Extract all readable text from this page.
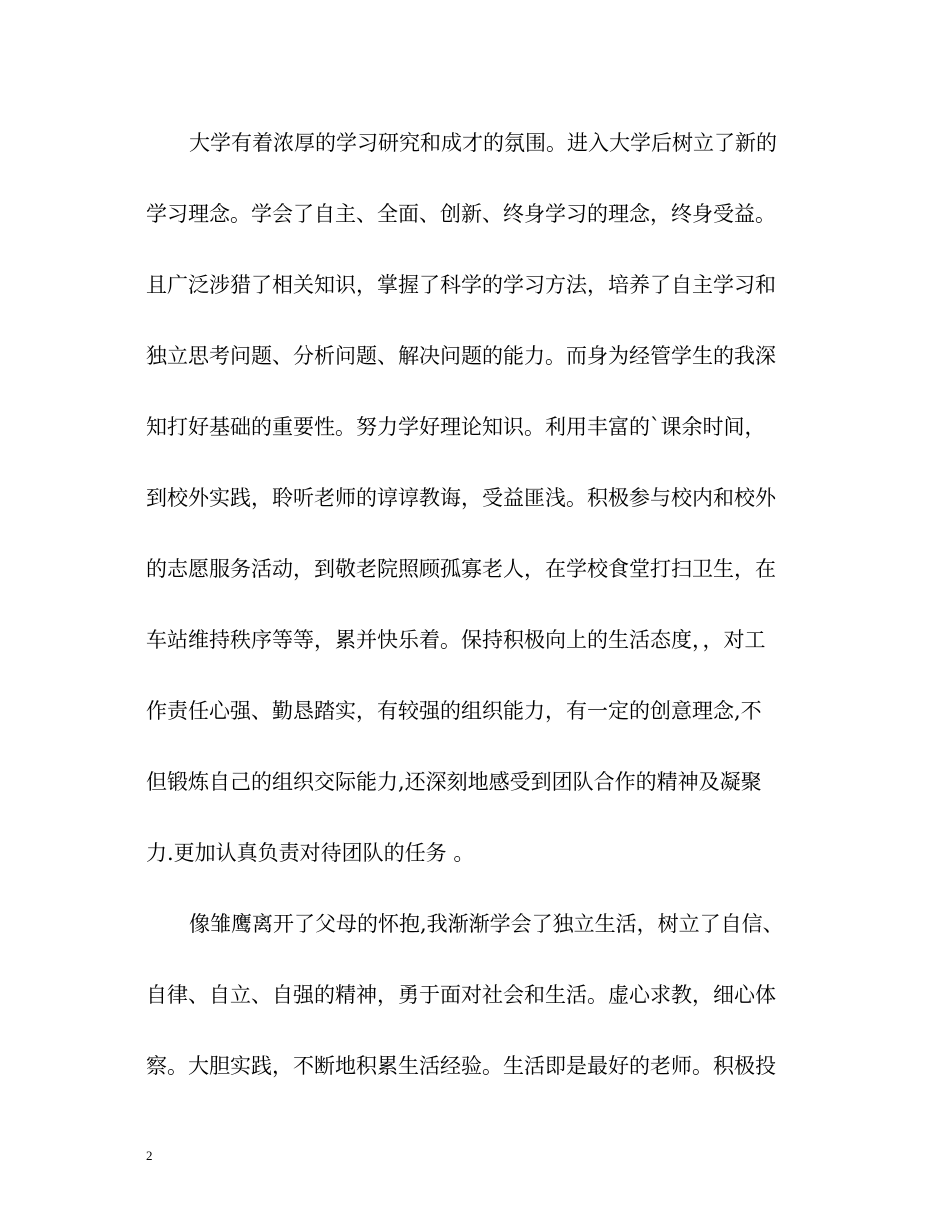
大学有着浓厚的学习研究和成才的氛围。进入大学后树立了新的
学习理念。学会了自主、全面、创新、终身学习的理念，终身受益。
且广泛涉猎了相关知识，掌握了科学的学习方法，培养了自主学习和
独立思考问题、分析问题、解决问题的能力。而身为经管学生的我深
知打好基础的重要性。努力学好理论知识。利用丰富的`课余时间，
到校外实践，聆听老师的谆谆教诲，受益匪浅。积极参与校内和校外
的志愿服务活动，到敬老院照顾孤寡老人，在学校食堂打扫卫生，在
车站维持秩序等等，累并快乐着。保持积极向上的生活态度，，对工
作责任心强、勤恳踏实，有较强的组织能力，有一定的创意理念,不
但锻炼自己的组织交际能力,还深刻地感受到团队合作的精神及凝聚
力.更加认真负责对待团队的任务 。
像雏鹰离开了父母的怀抱,我渐渐学会了独立生活，树立了自信、
自律、自立、自强的精神，勇于面对社会和生活。虚心求教，细心体
察。大胆实践，不断地积累生活经验。生活即是最好的老师。积极投
2
